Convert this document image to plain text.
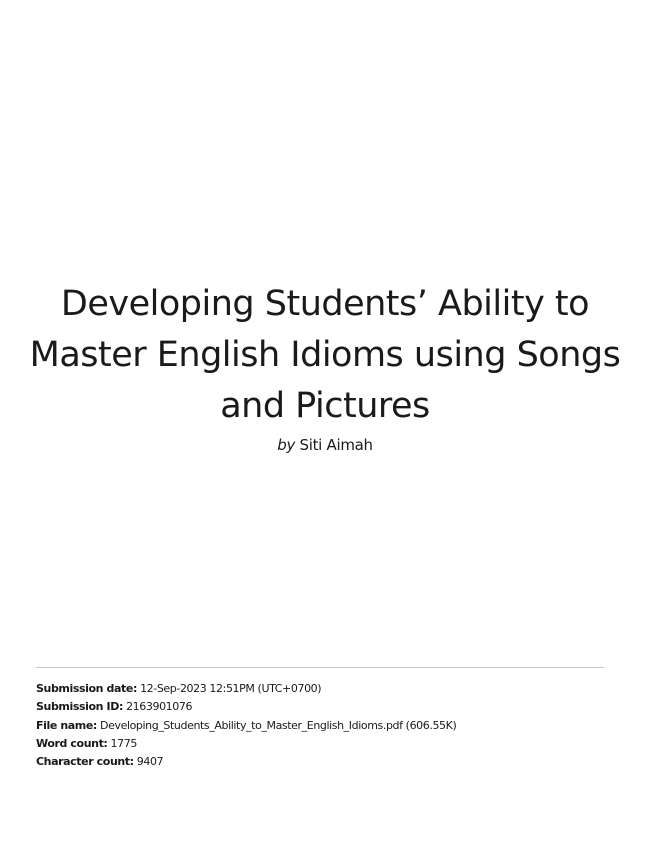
Developing Students’ Ability to Master English Idioms using Songs and Pictures
by Siti Aimah
Submission date: 12-Sep-2023 12:51PM (UTC+0700)
Submission ID: 2163901076
File name: Developing_Students_Ability_to_Master_English_Idioms.pdf (606.55K)
Word count: 1775
Character count: 9407
